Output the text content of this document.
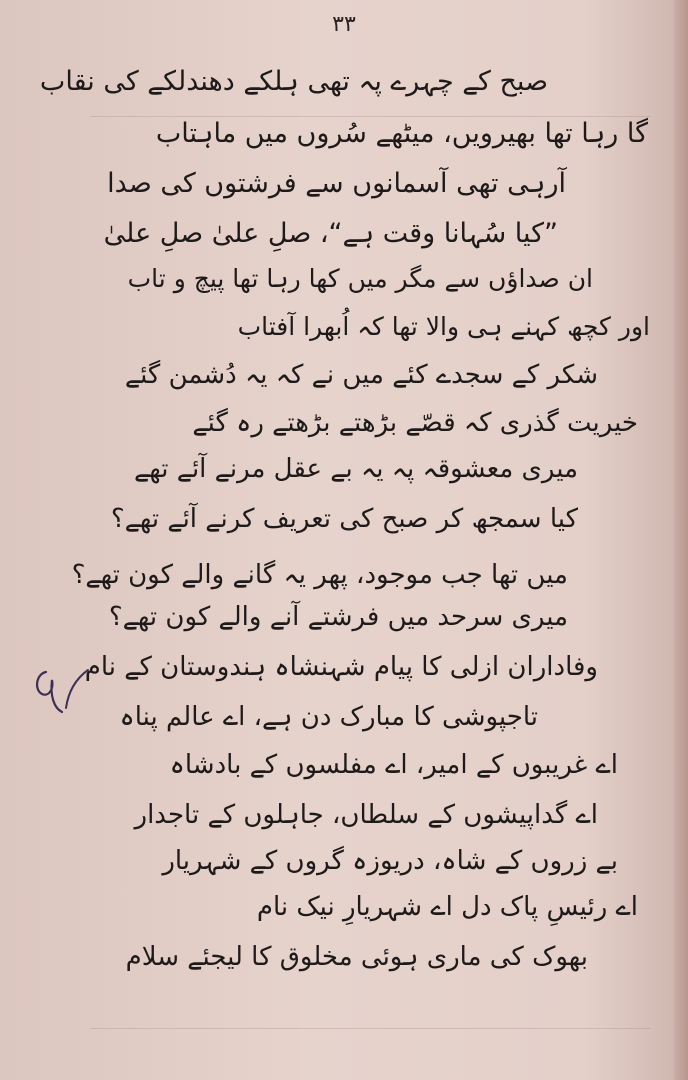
۳۳
صبح کے چہرے پہ تھی ہلکے دھندلکے کی نقاب
گا رہا تھا بھیرویں، میٹھے سُروں میں ماہتاب
آرہی تھی آسمانوں سے فرشتوں کی صدا
”کیا سُہانا وقت ہے“، صلِ علیٰ صلِ علیٰ
ان صداؤں سے مگر میں کھا رہا تھا پیچ و تاب
اور کچھ کہنے ہی والا تھا کہ اُبھرا آفتاب
شکر کے سجدے کئے میں نے کہ یہ دُشمن گئے
خیریت گذری کہ قصّے بڑھتے بڑھتے رہ گئے
میری معشوقہ پہ یہ بے عقل مرنے آئے تھے
کیا سمجھ کر صبح کی تعریف کرنے آئے تھے؟
میں تھا جب موجود، پھر یہ گانے والے کون تھے؟
میری سرحد میں فرشتے آنے والے کون تھے؟
وفاداران ازلی کا پیام شہنشاہ ہندوستان کے نام
تاجپوشی کا مبارک دن ہے، اے عالم پناہ
اے غریبوں کے امیر، اے مفلسوں کے بادشاہ
اے گداپیشوں کے سلطاں، جاہلوں کے تاجدار
بے زروں کے شاہ، دریوزہ گروں کے شہریار
اے رئیسِ پاک دل اے شہریارِ نیک نام
بھوک کی ماری ہوئی مخلوق کا لیجئے سلام
